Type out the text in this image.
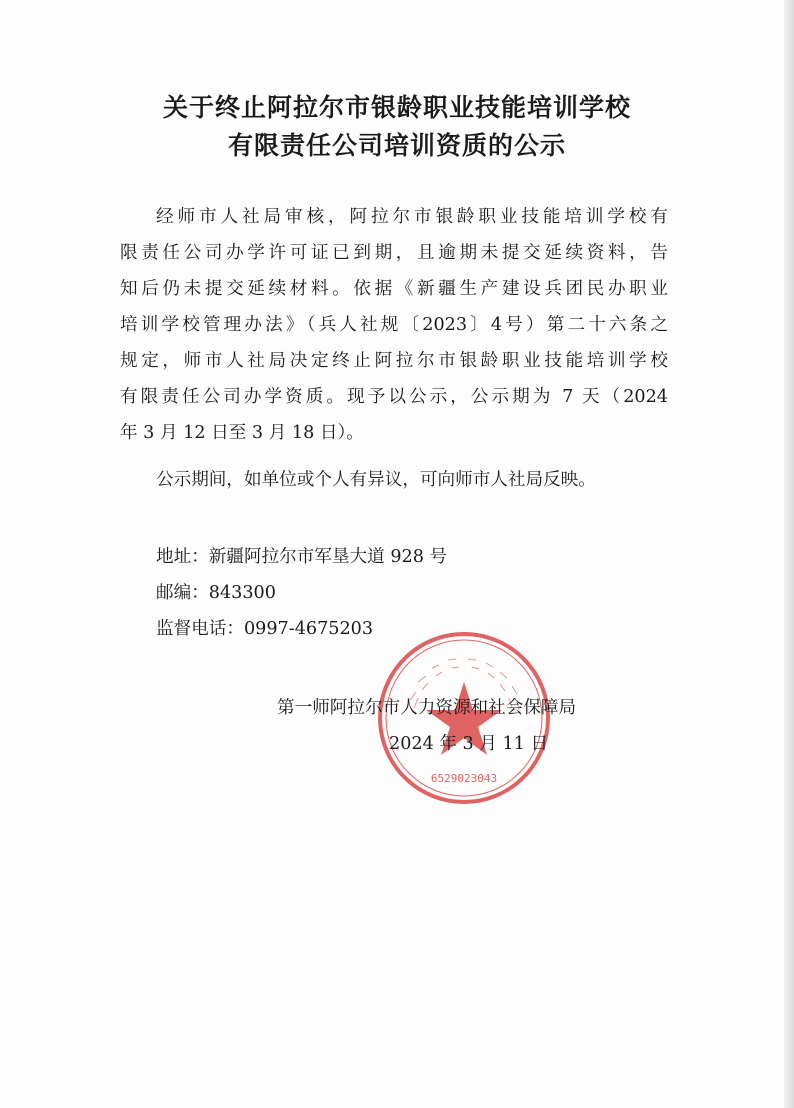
关于终止阿拉尔市银龄职业技能培训学校
有限责任公司培训资质的公示
经师市人社局审核，阿拉尔市银龄职业技能培训学校有
限责任公司办学许可证已到期，且逾期未提交延续资料，告
知后仍未提交延续材料。依据《新疆生产建设兵团民办职业
培训学校管理办法》（兵人社规〔2023〕4号）第二十六条之
规定，师市人社局决定终止阿拉尔市银龄职业技能培训学校
有限责任公司办学资质。现予以公示，公示期为 7 天（2024
年 3 月 12 日至 3 月 18 日）。
公示期间，如单位或个人有异议，可向师市人社局反映。
地址：新疆阿拉尔市军垦大道 928 号
邮编：843300
监督电话：0997-4675203
6529023043
第一师阿拉尔市人力资源和社会保障局
2024 年 3 月 11 日
